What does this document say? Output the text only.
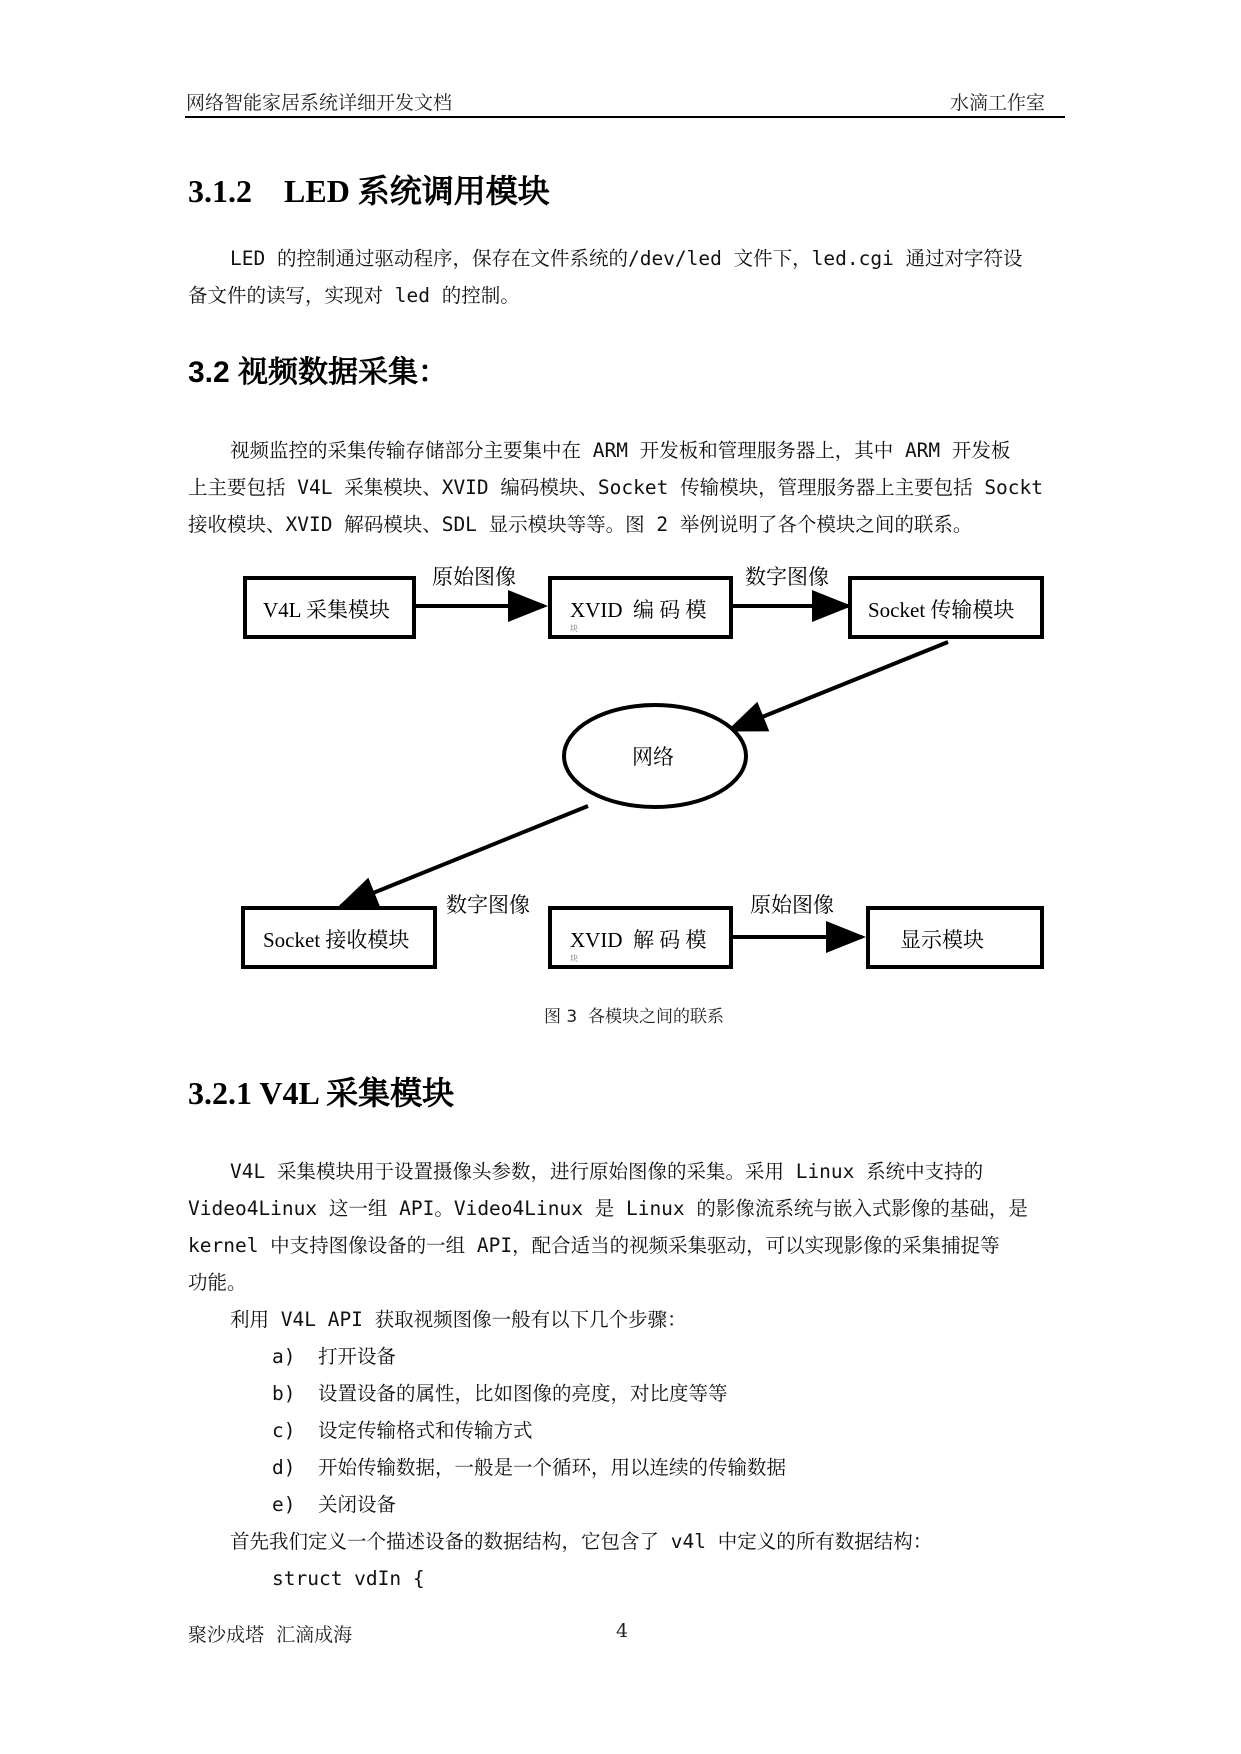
网络智能家居系统详细开发文档	水滴工作室
3.1.2    LED 系统调用模块
LED 的控制通过驱动程序，保存在文件系统的/dev/led 文件下，led.cgi 通过对字符设
备文件的读写，实现对 led 的控制。
3.2 视频数据采集：
视频监控的采集传输存储部分主要集中在 ARM 开发板和管理服务器上，其中 ARM 开发板
上主要包括 V4L 采集模块、XVID 编码模块、Socket 传输模块，管理服务器上主要包括 Sockt
接收模块、XVID 解码模块、SDL 显示模块等等。图 2 举例说明了各个模块之间的联系。
V4L 采集模块	XVID  编 码 模
块
Socket 传输模块
网络
Socket 接收模块	XVID  解 码 模
块
显示模块
原始图像	数字图像
数字图像	原始图像
图 3  各模块之间的联系
3.2.1 V4L 采集模块
V4L 采集模块用于设置摄像头参数，进行原始图像的采集。采用 Linux 系统中支持的
Video4Linux 这一组 API。Video4Linux 是 Linux 的影像流系统与嵌入式影像的基础，是
kernel 中支持图像设备的一组 API，配合适当的视频采集驱动，可以实现影像的采集捕捉等
功能。
利用 V4L API 获取视频图像一般有以下几个步骤：
a) 打开设备
b) 设置设备的属性，比如图像的亮度，对比度等等
c) 设定传输格式和传输方式
d) 开始传输数据，一般是一个循环，用以连续的传输数据
e) 关闭设备
首先我们定义一个描述设备的数据结构，它包含了 v4l 中定义的所有数据结构：
struct vdIn {
聚沙成塔  汇滴成海	4
